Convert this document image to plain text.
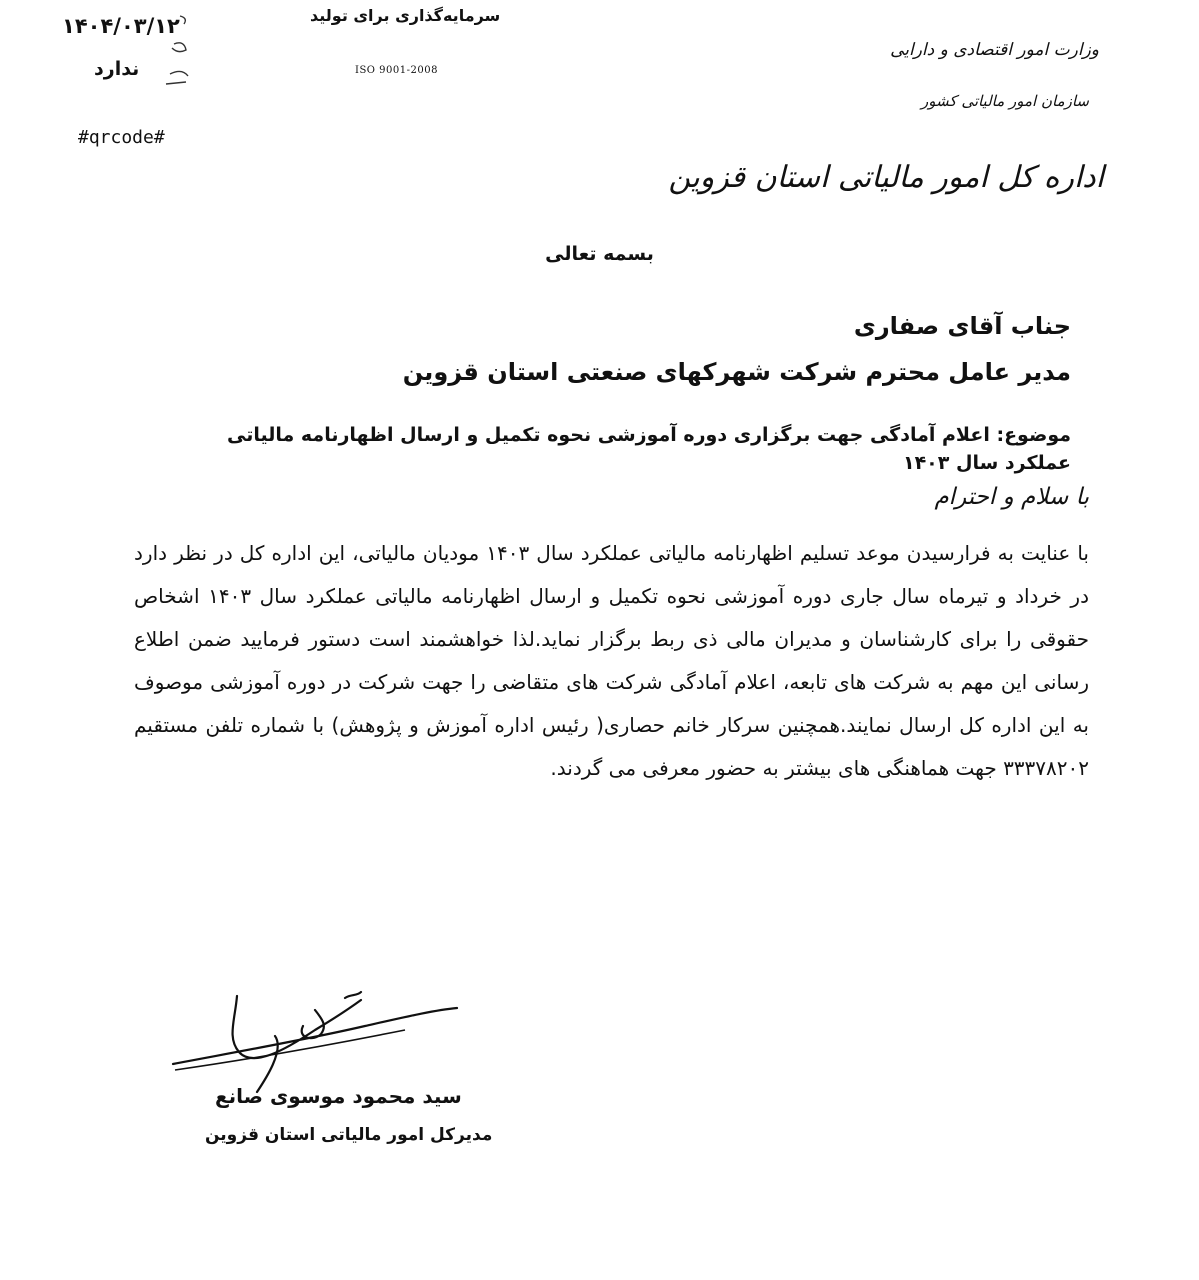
۱۴۰۴/۰۳/۱۲
ندارد
#qrcode#
سرمایه‌گذاری برای تولید
ISO 9001-2008
وزارت امور اقتصادی و دارایی
سازمان امور مالیاتی کشور
اداره کل امور مالیاتی استان قزوین
بسمه تعالی
جناب آقای صفاری
مدیر عامل محترم شرکت شهرکهای صنعتی استان قزوین
موضوع: اعلام آمادگی جهت برگزاری دوره آموزشی نحوه تکمیل و ارسال اظهارنامه مالیاتی عملکرد سال ۱۴۰۳
با سلام و احترام
با عنایت به فرارسیدن موعد تسلیم اظهارنامه مالیاتی عملکرد سال ۱۴۰۳ مودیان مالیاتی، این اداره کل در نظر دارد در خرداد و تیرماه سال جاری دوره آموزشی نحوه تکمیل و ارسال اظهارنامه مالیاتی عملکرد سال ۱۴۰۳ اشخاص حقوقی را برای کارشناسان و مدیران مالی ذی ربط برگزار نماید.لذا خواهشمند است دستور فرمایید ضمن اطلاع رسانی این مهم به شرکت های تابعه، اعلام آمادگی شرکت های متقاضی را جهت شرکت در دوره آموزشی موصوف به این اداره کل ارسال نمایند.همچنین سرکار خانم حصاری( رئیس اداره آموزش و پژوهش) با شماره تلفن مستقیم ۳۳۳۷۸۲۰۲ جهت هماهنگی های بیشتر به حضور معرفی می گردند.
سید محمود موسوی صانع
مدیرکل امور مالیاتی استان قزوین
